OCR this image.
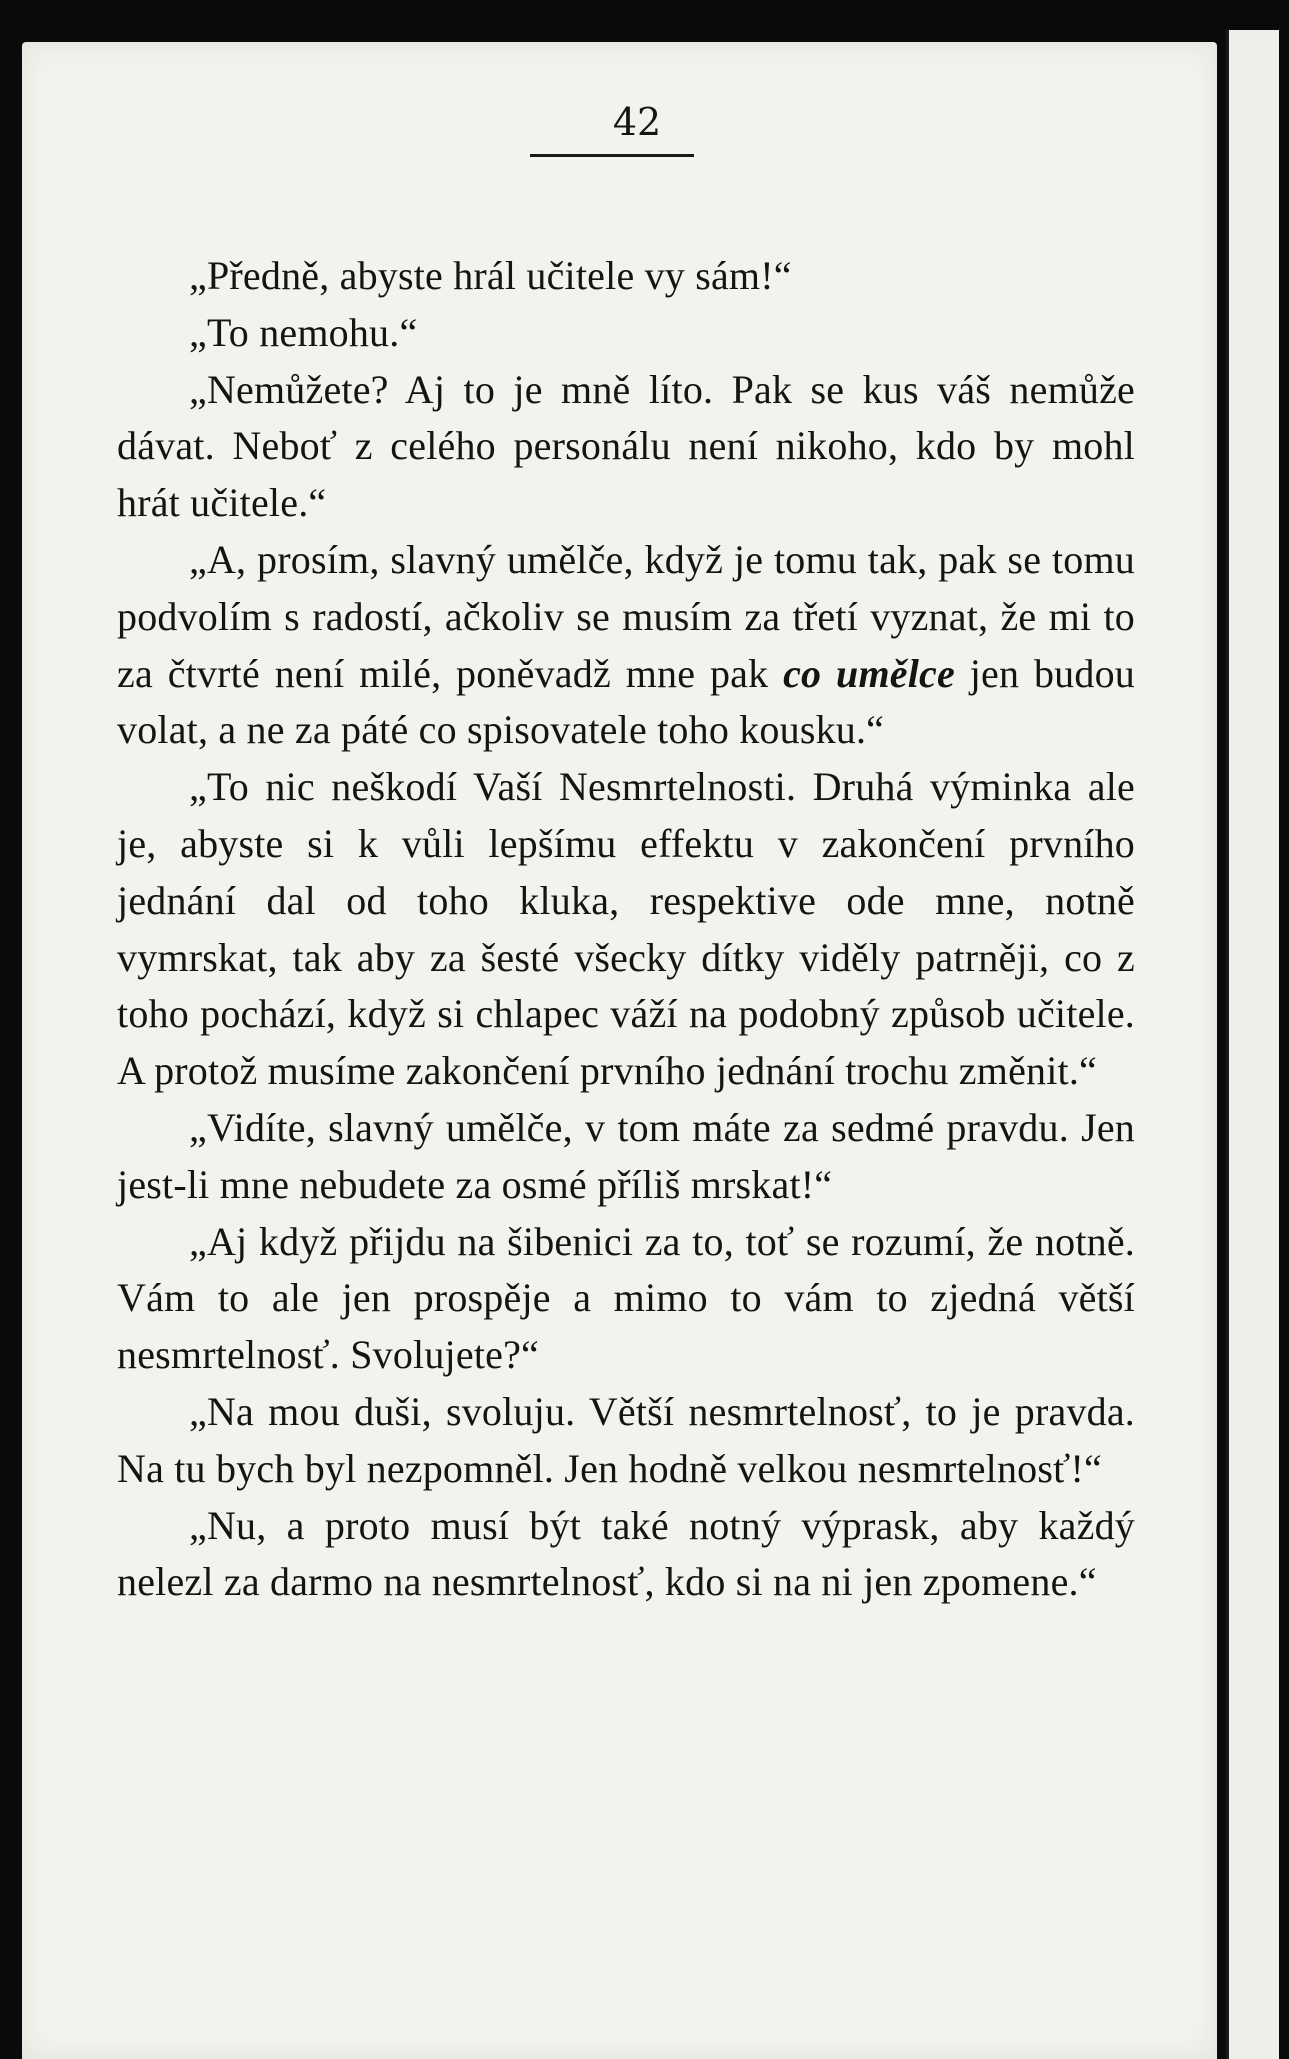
42

„Předně, abyste hrál učitele vy sám!“

„To nemohu.“

„Nemůžete? Aj to je mně líto. Pak se kus váš nemůže dávat. Neboť z celého personálu není nikoho, kdo by mohl hrát učitele.“

„A, prosím, slavný umělče, když je tomu tak, pak se tomu podvolím s radostí, ačkoliv se musím za třetí vyznat, že mi to za čtvrté není milé, poněvadž mne pak co umělce jen budou volat, a ne za páté co spisovatele toho kousku.“

„To nic neškodí Vaší Nesmrtelnosti. Druhá výminka ale je, abyste si k vůli lepšímu effektu v zakončení prvního jednání dal od toho kluka, respektive ode mne, notně vymrskat, tak aby za šesté všecky dítky viděly patrněji, co z toho pochází, když si chlapec váží na podobný způsob učitele. A protož musíme zakončení prvního jednání trochu změnit.“

„Vidíte, slavný umělče, v tom máte za sedmé pravdu. Jen jest-li mne nebudete za osmé příliš mrskat!“

„Aj když přijdu na šibenici za to, toť se rozumí, že notně. Vám to ale jen prospěje a mimo to vám to zjedná větší nesmrtelnosť. Svolujete?“

„Na mou duši, svoluju. Větší nesmrtelnosť, to je pravda. Na tu bych byl nezpomněl. Jen hodně velkou nesmrtelnosť!“

„Nu, a proto musí být také notný výprask, aby každý nelezl za darmo na nesmrtelnosť, kdo si na ni jen zpomene.“
